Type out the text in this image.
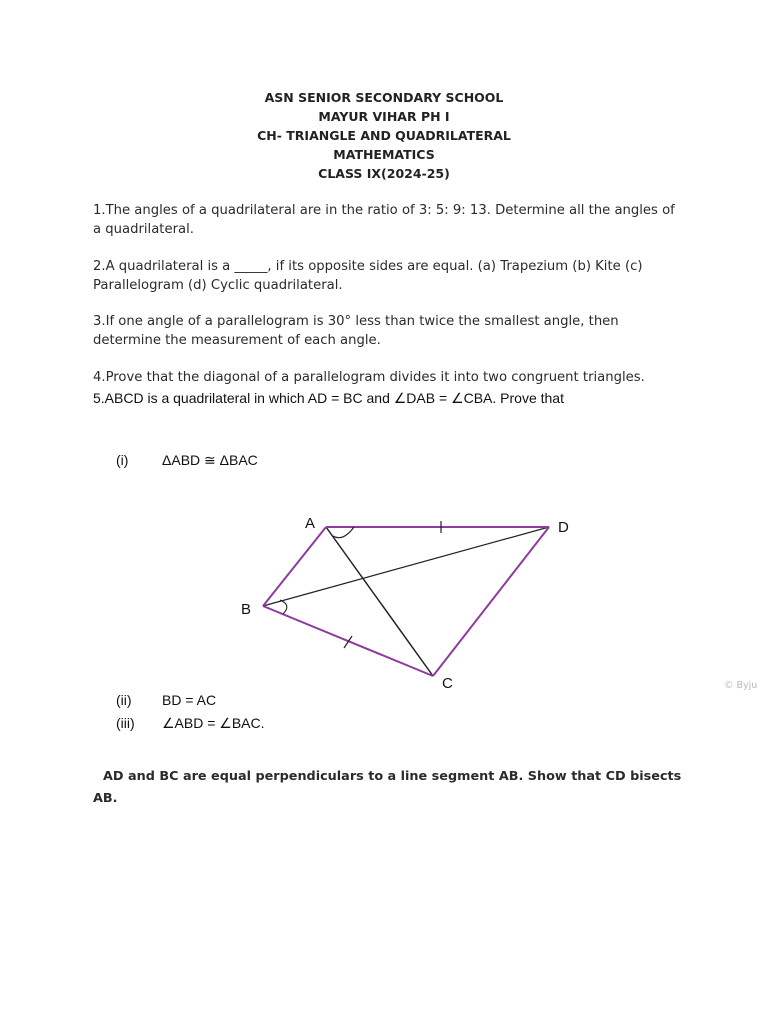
ASN SENIOR SECONDARY SCHOOL
MAYUR VIHAR PH I
CH- TRIANGLE AND QUADRILATERAL
MATHEMATICS
CLASS IX(2024-25)
1.The angles of a quadrilateral are in the ratio of 3: 5: 9: 13. Determine all the angles of a quadrilateral.
2.A quadrilateral is a _____, if its opposite sides are equal. (a) Trapezium (b) Kite (c) Parallelogram (d) Cyclic quadrilateral.
3.If one angle of a parallelogram is 30° less than twice the smallest angle, then determine the measurement of each angle.
4.Prove that the diagonal of a parallelogram divides it into two congruent triangles.
5.ABCD is a quadrilateral in which AD = BC and ∠DAB = ∠CBA. Prove that
(i) ΔABD ≅ ΔBAC
A
B
C
D
© Byju
(ii) BD = AC
(iii) ∠ABD = ∠BAC.
AD and BC are equal perpendiculars to a line segment AB. Show that CD bisects AB.
